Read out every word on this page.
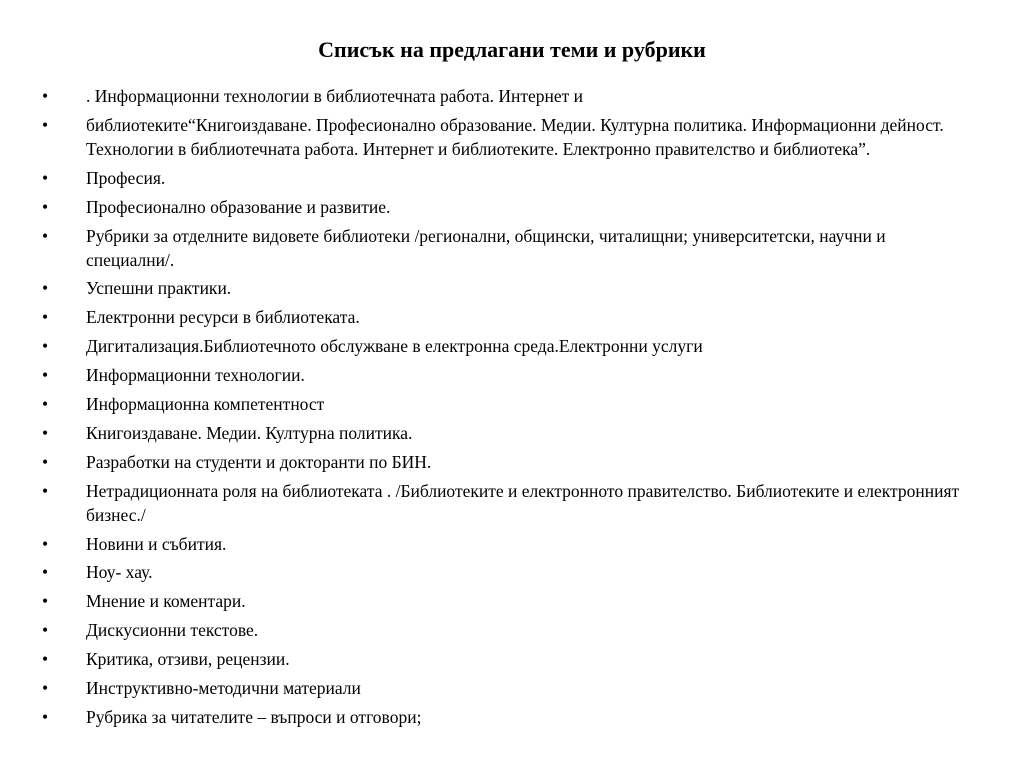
Списък на предлагани теми и рубрики
•	. Информационни технологии в библиотечната работа. Интернет и
•	библиотеките“Книгоиздаване. Професионално образование. Медии. Културна политика. Информационни дейност. Технологии в библиотечната работа. Интернет и библиотеките. Електронно правителство и библиотека”.
•	Професия.
•	Професионално образование и развитие.
•	Рубрики за отделните видовете библиотеки /регионални, общински, читалищни; университетски, научни и специални/.
•	Успешни практики.
•	Електронни ресурси в библиотеката.
•	Дигитализация.Библиотечното обслужване в електронна среда.Електронни услуги
•	Информационни технологии.
•	Информационна компетентност
•	Книгоиздаване. Медии. Културна политика.
•	Разработки на студенти и докторанти по БИН.
•	Нетрадиционната роля на библиотеката . /Библиотеките и електронното правителство. Библиотеките и електронният бизнес./
•	Новини и събития.
•	Ноу- хау.
•	Мнение и коментари.
•	Дискусионни текстове.
•	Критика, отзиви, рецензии.
•	Инструктивно-методични материали
•	Рубрика за читателите – въпроси и отговори;
